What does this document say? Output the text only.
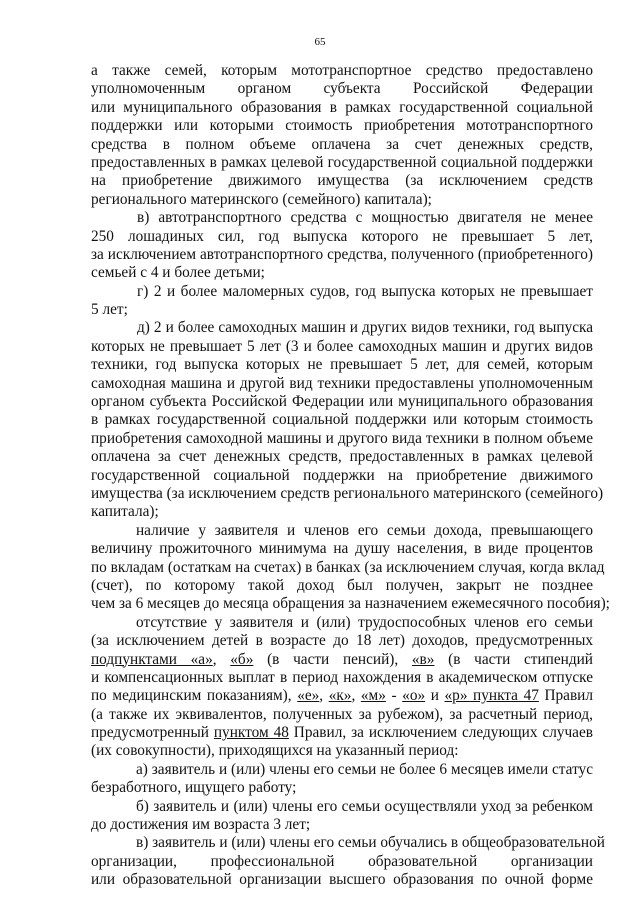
65
а также семей, которым мототранспортное средство предоставлено
уполномоченным органом субъекта Российской Федерации
или муниципального образования в рамках государственной социальной
поддержки или которыми стоимость приобретения мототранспортного
средства в полном объеме оплачена за счет денежных средств,
предоставленных в рамках целевой государственной социальной поддержки
на приобретение движимого имущества (за исключением средств
регионального материнского (семейного) капитала);
в) автотранспортного средства с мощностью двигателя не менее
250 лошадиных сил, год выпуска которого не превышает 5 лет,
за исключением автотранспортного средства, полученного (приобретенного)
семьей с 4 и более детьми;
г) 2 и более маломерных судов, год выпуска которых не превышает
5 лет;
д) 2 и более самоходных машин и других видов техники, год выпуска
которых не превышает 5 лет (3 и более самоходных машин и других видов
техники, год выпуска которых не превышает 5 лет, для семей, которым
самоходная машина и другой вид техники предоставлены уполномоченным
органом субъекта Российской Федерации или муниципального образования
в рамках государственной социальной поддержки или которым стоимость
приобретения самоходной машины и другого вида техники в полном объеме
оплачена за счет денежных средств, предоставленных в рамках целевой
государственной социальной поддержки на приобретение движимого
имущества (за исключением средств регионального материнского (семейного)
капитала);
наличие у заявителя и членов его семьи дохода, превышающего
величину прожиточного минимума на душу населения, в виде процентов
по вкладам (остаткам на счетах) в банках (за исключением случая, когда вклад
(счет), по которому такой доход был получен, закрыт не позднее
чем за 6 месяцев до месяца обращения за назначением ежемесячного пособия);
отсутствие у заявителя и (или) трудоспособных членов его семьи
(за исключением детей в возрасте до 18 лет) доходов, предусмотренных
подпунктами «а», «б» (в части пенсий), «в» (в части стипендий
и компенсационных выплат в период нахождения в академическом отпуске
по медицинским показаниям), «е», «к», «м» - «о» и «р» пункта 47 Правил
(а также их эквивалентов, полученных за рубежом), за расчетный период,
предусмотренный пунктом 48 Правил, за исключением следующих случаев
(их совокупности), приходящихся на указанный период:
а) заявитель и (или) члены его семьи не более 6 месяцев имели статус
безработного, ищущего работу;
б) заявитель и (или) члены его семьи осуществляли уход за ребенком
до достижения им возраста 3 лет;
в) заявитель и (или) члены его семьи обучались в общеобразовательной
организации, профессиональной образовательной организации
или образовательной организации высшего образования по очной форме
